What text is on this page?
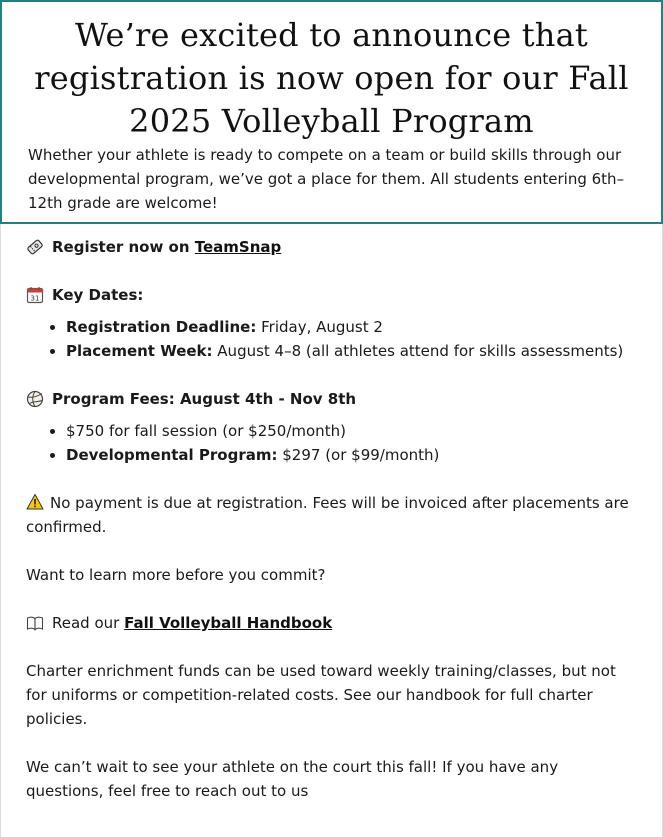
We’re excited to announce that registration is now open for our Fall 2025 Volleyball Program

Whether your athlete is ready to compete on a team or build skills through our developmental program, we’ve got a place for them. All students entering 6th–12th grade are welcome!

Register now on TeamSnap
31 Key Dates:
• Registration Deadline: Friday, August 2
• Placement Week: August 4–8 (all athletes attend for skills assessments)
Program Fees: August 4th - Nov 8th
• $750 for fall session (or $250/month)
• Developmental Program: $297 (or $99/month)

No payment is due at registration. Fees will be invoiced after placements are confirmed.

Want to learn more before you commit?

Read our Fall Volleyball Handbook

Charter enrichment funds can be used toward weekly training/classes, but not for uniforms or competition-related costs. See our handbook for full charter policies.

We can’t wait to see your athlete on the court this fall! If you have any questions, feel free to reach out to us
